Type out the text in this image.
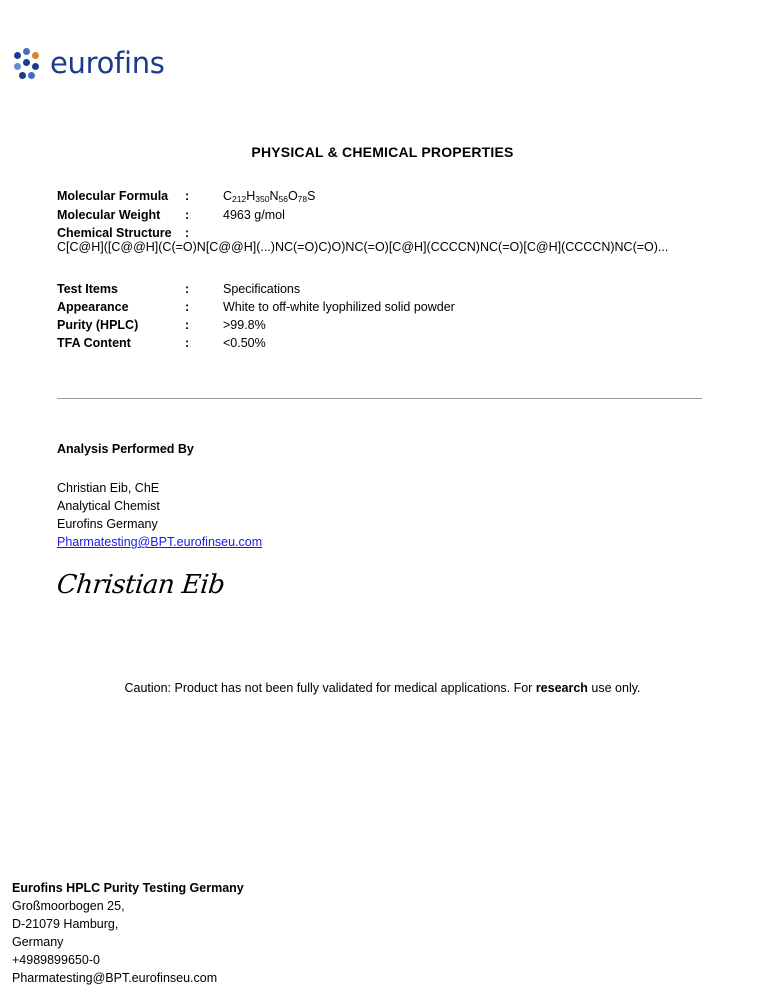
eurofins
PHYSICAL & CHEMICAL PROPERTIES
Molecular Formula	:	$C_{212}H_{350}N_{56}O_{78}S$
Molecular Weight	:	4963 g/mol
Chemical Structure	:
C[C@H]([C@@H](C(=O)N[C@@H](...)NC(=O)C)O)NC(=O)[C@H](CCCCN)NC(=O)[C@H](CCCCN)NC(=O)...
Test Items	:	Specifications
Appearance	:	White to off-white lyophilized solid powder
Purity (HPLC)	:	>99.8%
TFA Content	:	<0.50%
Analysis Performed By
Christian Eib, ChE
Analytical Chemist
Eurofins Germany
Pharmatesting@BPT.eurofinseu.com
Christian Eib
Caution: Product has not been fully validated for medical applications. For research use only.
Eurofins HPLC Purity Testing Germany
Großmoorbogen 25,
D-21079 Hamburg,
Germany
+4989899650-0
Pharmatesting@BPT.eurofinseu.com
